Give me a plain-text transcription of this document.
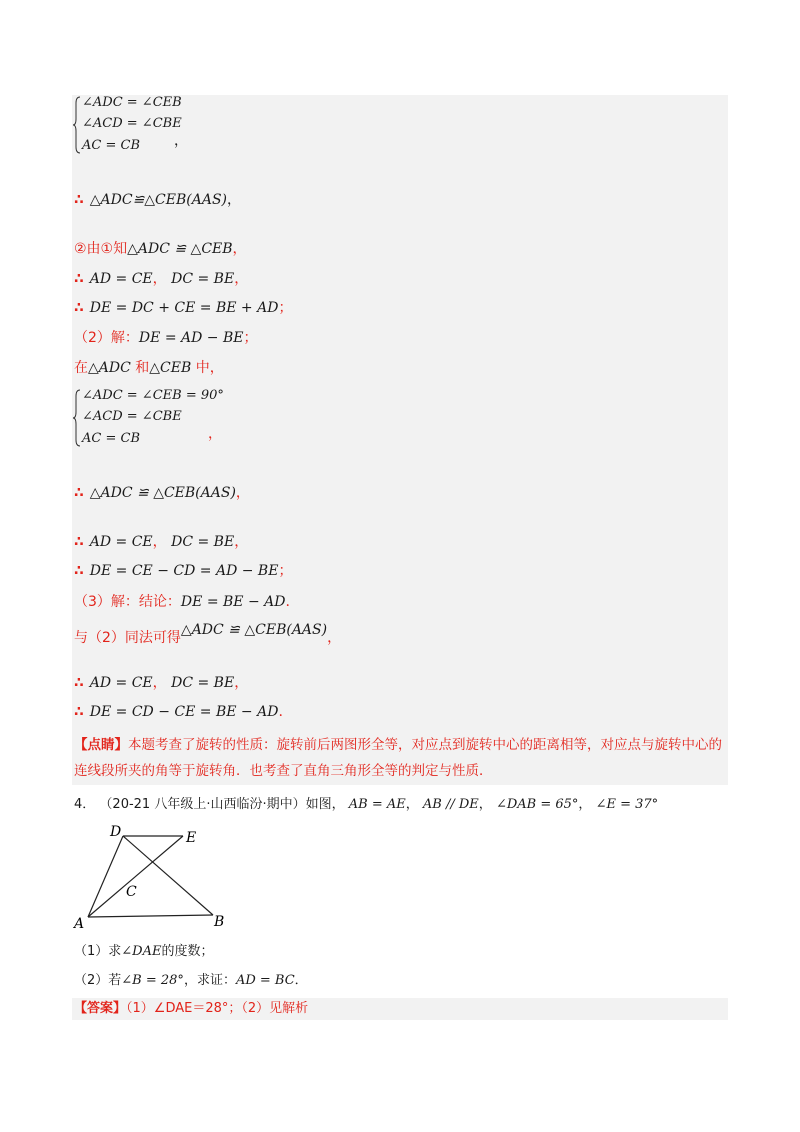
∠ADC = ∠CEB
∠ACD = ∠CBE
AC = CB ，
∴ △ADC≌△CEB(AAS)，
②由①知△ADC ≌ △CEB，
∴ AD = CE， DC = BE，
∴ DE = DC + CE = BE + AD；
（2）解：DE = AD − BE；
在△ADC 和△CEB 中，
∠ADC = ∠CEB = 90°
∠ACD = ∠CBE
AC = CB	，
∴ △ADC ≌ △CEB(AAS)，
∴ AD = CE， DC = BE，
∴ DE = CE − CD = AD − BE；
（3）解：结论：DE = BE − AD.
与（2）同法可得△ADC ≌ △CEB(AAS)，
∴ AD = CE， DC = BE，
∴ DE = CD − CE = BE − AD.
【点睛】本题考查了旋转的性质：旋转前后两图形全等，对应点到旋转中心的距离相等，对应点与旋转中心的连线段所夹的角等于旋转角．也考查了直角三角形全等的判定与性质．
4． （20-21 八年级上·山西临汾·期中）如图， AB = AE， AB // DE， ∠DAB = 65°， ∠E = 37°
A	B
C
D	E
（1）求∠DAE的度数；
（2）若∠B = 28°，求证：AD = BC．
【答案】（1）∠DAE＝28°；（2）见解析
